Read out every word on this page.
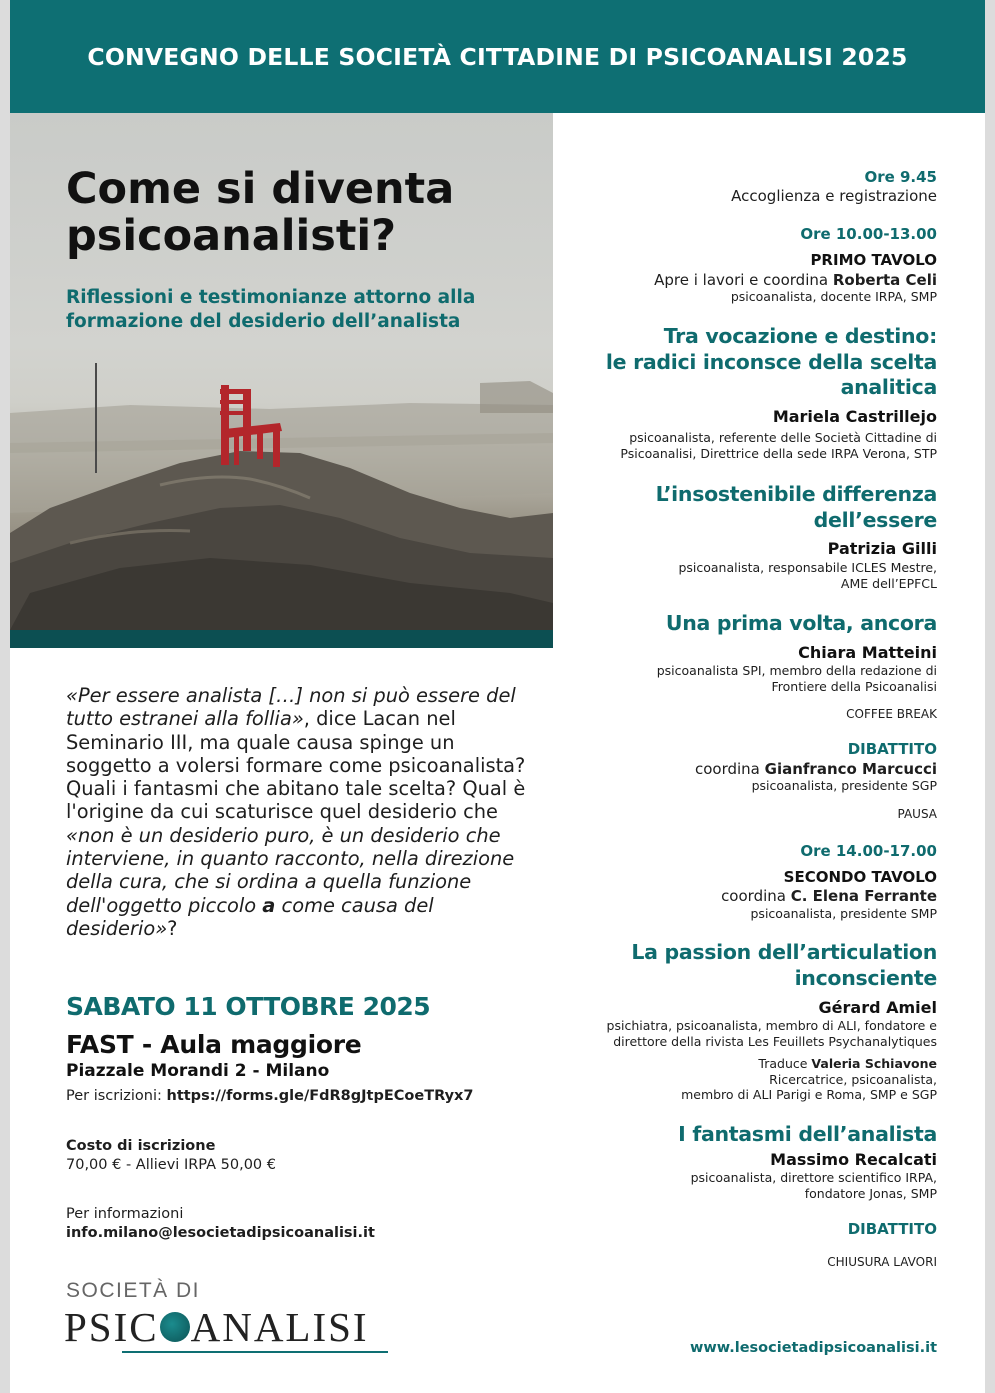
CONVEGNO DELLE SOCIETÀ CITTADINE DI PSICOANALISI 2025
Come si diventa
psicoanalisti?
Riflessioni e testimonianze attorno alla
formazione del desiderio dell’analista
«Per essere analista […] non si può essere del tutto estranei alla follia», dice Lacan nel Seminario III, ma quale causa spinge un soggetto a volersi formare come psicoanalista? Quali i fantasmi che abitano tale scelta? Qual è l'origine da cui scaturisce quel desiderio che «non è un desiderio puro, è un desiderio che interviene, in quanto racconto, nella direzione della cura, che si ordina a quella funzione dell'oggetto piccolo a come causa del desiderio»?
SABATO 11 OTTOBRE 2025
FAST - Aula maggiore
Piazzale Morandi 2 - Milano
Per iscrizioni: https://forms.gle/FdR8gJtpECoeTRyx7
Costo di iscrizione
70,00 € - Allievi IRPA 50,00 €
Per informazioni
info.milano@lesocietadipsicoanalisi.it
SOCIETÀ DI
PSIC ANALISI
Ore 9.45
Accoglienza e registrazione
Ore 10.00-13.00
PRIMO TAVOLO
Apre i lavori e coordina Roberta Celi
psicoanalista, docente IRPA, SMP
Tra vocazione e destino:
le radici inconsce della scelta
analitica
Mariela Castrillejo
psicoanalista, referente delle Società Cittadine di
Psicoanalisi, Direttrice della sede IRPA Verona, STP
L’insostenibile differenza
dell’essere
Patrizia Gilli
psicoanalista, responsabile ICLES Mestre,
AME dell’EPFCL
Una prima volta, ancora
Chiara Matteini
psicoanalista SPI, membro della redazione di
Frontiere della Psicoanalisi
COFFEE BREAK
DIBATTITO
coordina Gianfranco Marcucci
psicoanalista, presidente SGP
PAUSA
Ore 14.00-17.00
SECONDO TAVOLO
coordina C. Elena Ferrante
psicoanalista, presidente SMP
La passion dell’articulation
inconsciente
Gérard Amiel
psichiatra, psicoanalista, membro di ALI, fondatore e
direttore della rivista Les Feuillets Psychanalytiques
Traduce Valeria Schiavone
Ricercatrice, psicoanalista,
membro di ALI Parigi e Roma, SMP e SGP
I fantasmi dell’analista
Massimo Recalcati
psicoanalista, direttore scientifico IRPA,
fondatore Jonas, SMP
DIBATTITO
CHIUSURA LAVORI
www.lesocietadipsicoanalisi.it
